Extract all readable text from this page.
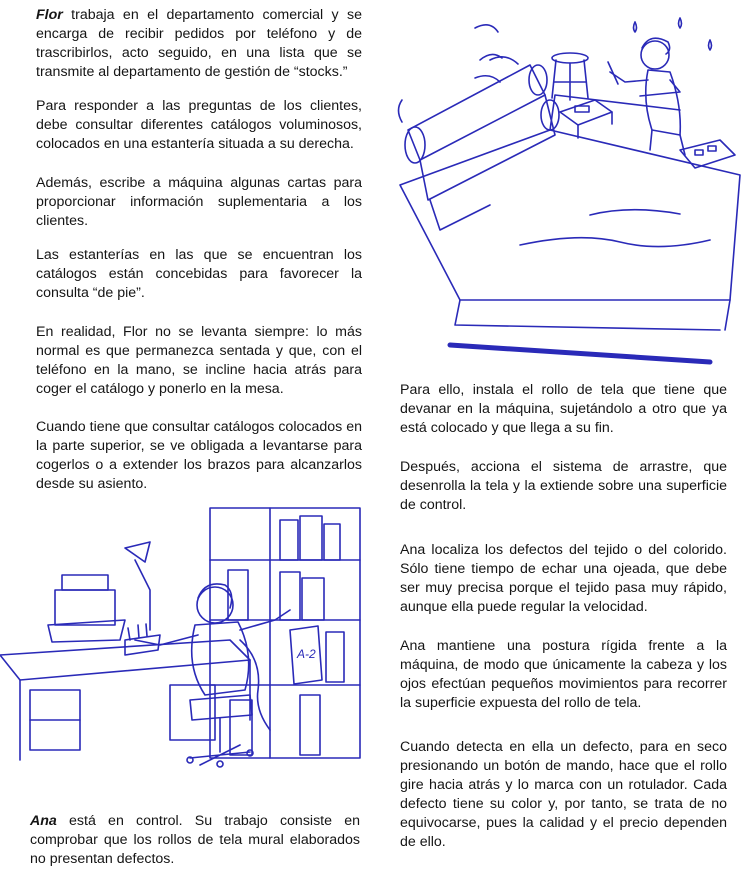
Flor trabaja en el departamento comercial y se encarga de recibir pedidos por teléfono y de trascribirlos, acto seguido, en una lista que se transmite al departamento de gestión de “stocks.”

Para responder a las preguntas de los clientes, debe consultar diferentes catálogos voluminosos, colocados en una estantería situada a su derecha.

Además, escribe a máquina algunas cartas para proporcionar información suplementaria a los clientes.

Las estanterías en las que se encuentran los catálogos están concebidas para favorecer la consulta “de pie”.

En realidad, Flor no se levanta siempre: lo más normal es que permanezca sentada y que, con el teléfono en la mano, se incline hacia atrás para coger el catálogo y ponerlo en la mesa.

Cuando tiene que consultar catálogos colocados en la parte superior, se ve obligada a levantarse para cogerlos o a extender los brazos para alcanzarlos desde su asiento.

Ana está en control. Su trabajo consiste en comprobar que los rollos de tela mural elaborados no presentan defectos.

Para ello, instala el rollo de tela que tiene que devanar en la máquina, sujetándolo a otro que ya está colocado y que llega a su fin.

Después, acciona el sistema de arrastre, que desenrolla la tela y la extiende sobre una superficie de control.

Ana localiza los defectos del tejido o del colorido. Sólo tiene tiempo de echar una ojeada, que debe ser muy precisa porque el tejido pasa muy rápido, aunque ella puede regular la velocidad.

Ana mantiene una postura rígida frente a la máquina, de modo que únicamente la cabeza y los ojos efectúan pequeños movimientos para recorrer la superficie expuesta del rollo de tela.

Cuando detecta en ella un defecto, para en seco presionando un botón de mando, hace que el rollo gire hacia atrás y lo marca con un rotulador. Cada defecto tiene su color y, por tanto, se trata de no equivocarse, pues la calidad y el precio dependen de ello.

A-2
